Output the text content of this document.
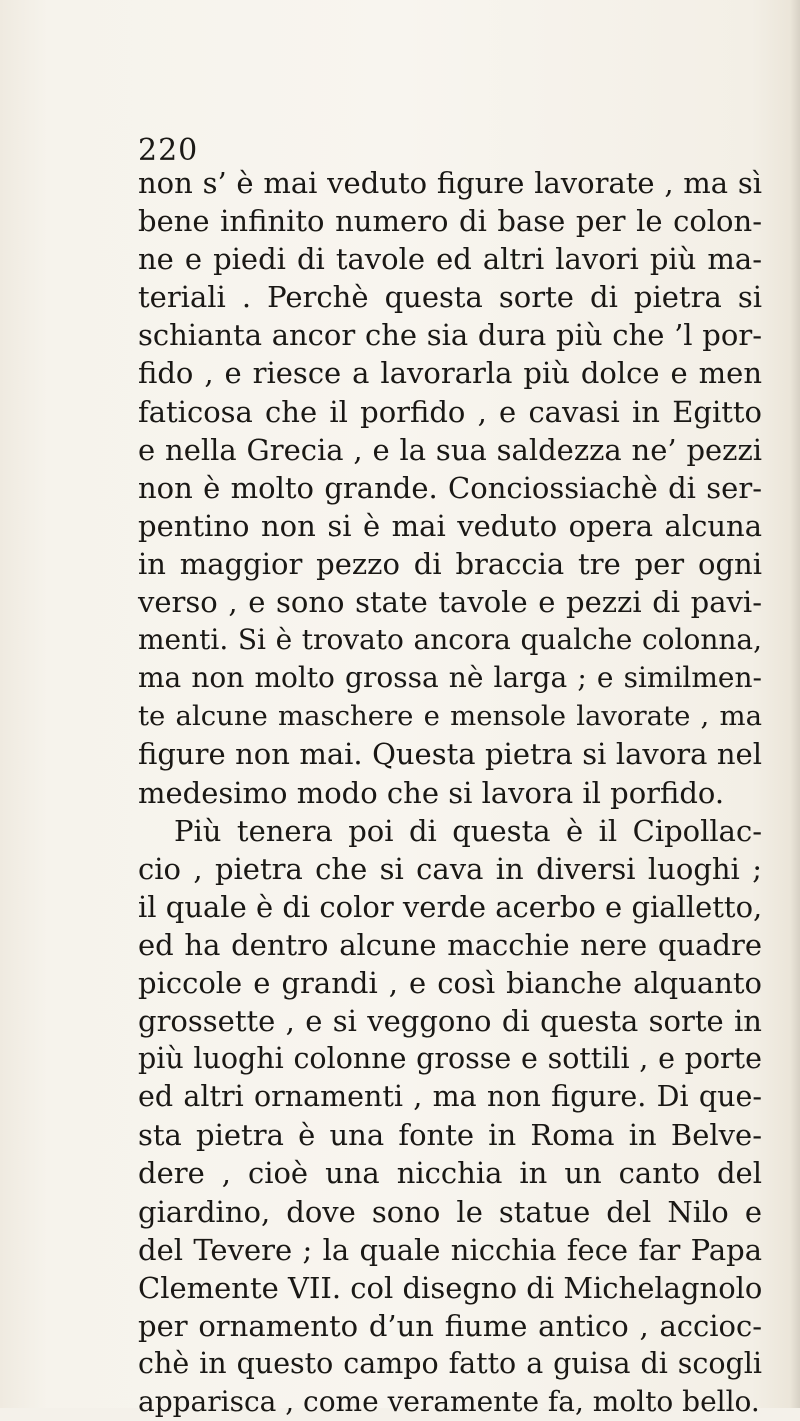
220
non s’ è mai veduto figure lavorate , ma sì
bene infinito numero di base per le colon-
ne e piedi di tavole ed altri lavori più ma-
teriali . Perchè questa sorte di pietra si
schianta ancor che sia dura più che ’l por-
fido , e riesce a lavorarla più dolce e men
faticosa che il porfido , e cavasi in Egitto
e nella Grecia , e la sua saldezza ne’ pezzi
non è molto grande. Conciossiachè di ser-
pentino non si è mai veduto opera alcuna
in maggior pezzo di braccia tre per ogni
verso , e sono state tavole e pezzi di pavi-
menti. Si è trovato ancora qualche colonna,
ma non molto grossa nè larga ; e similmen-
te alcune maschere e mensole lavorate , ma
figure non mai. Questa pietra si lavora nel
medesimo modo che si lavora il porfido.
Più tenera poi di questa è il Cipollac-
cio , pietra che si cava in diversi luoghi ;
il quale è di color verde acerbo e gialletto,
ed ha dentro alcune macchie nere quadre
piccole e grandi , e così bianche alquanto
grossette , e si veggono di questa sorte in
più luoghi colonne grosse e sottili , e porte
ed altri ornamenti , ma non figure. Di que-
sta pietra è una fonte in Roma in Belve-
dere , cioè una nicchia in un canto del
giardino, dove sono le statue del Nilo e
del Tevere ; la quale nicchia fece far Papa
Clemente VII. col disegno di Michelagnolo
per ornamento d’un fiume antico , accioc-
chè in questo campo fatto a guisa di scogli
apparisca , come veramente fa, molto bello.
